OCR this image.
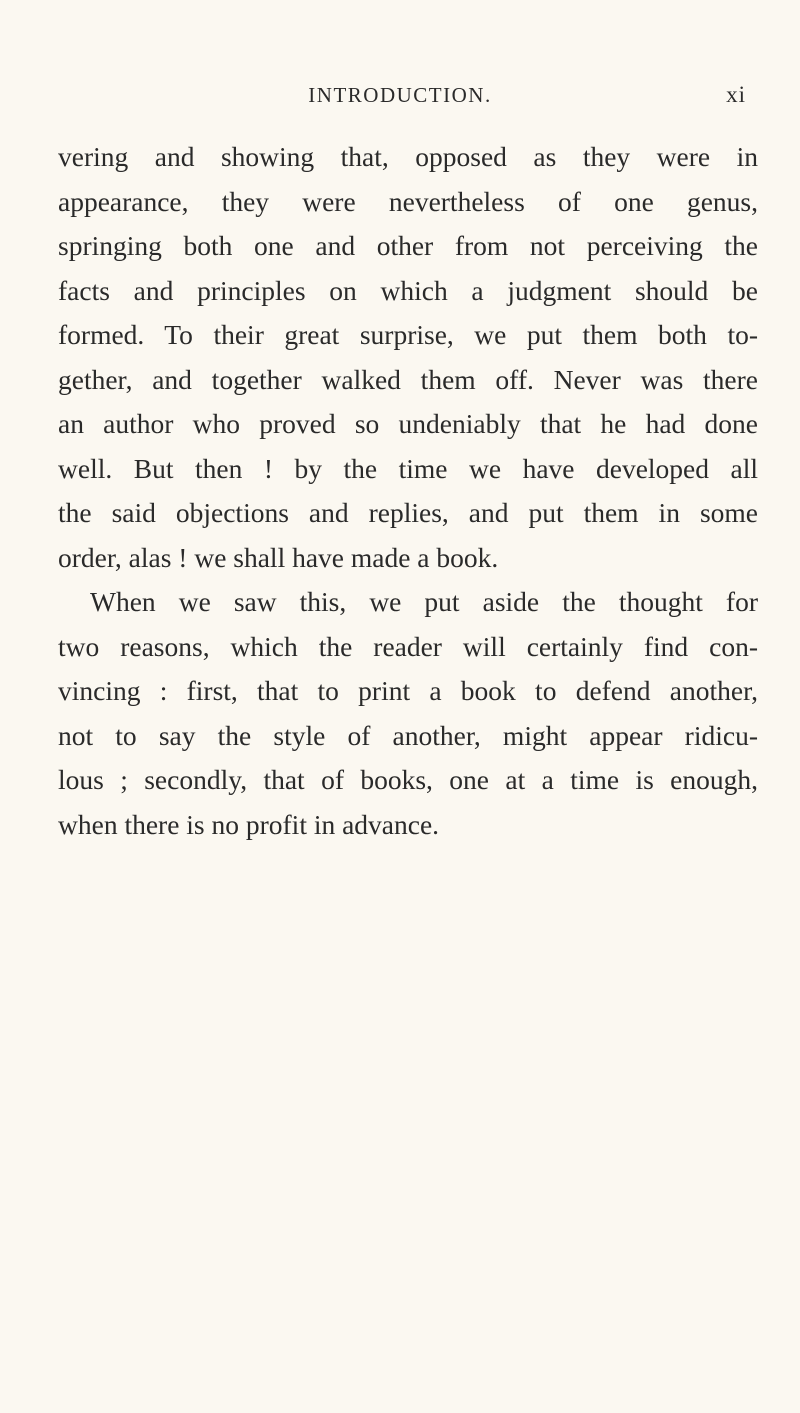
INTRODUCTION.	xi
vering and showing that, opposed as they were in
appearance, they were nevertheless of one genus,
springing both one and other from not perceiving the
facts and principles on which a judgment should be
formed. To their great surprise, we put them both to-
gether, and together walked them off. Never was there
an author who proved so undeniably that he had done
well. But then ! by the time we have developed all
the said objections and replies, and put them in some
order, alas ! we shall have made a book.
When we saw this, we put aside the thought for
two reasons, which the reader will certainly find con-
vincing : first, that to print a book to defend another,
not to say the style of another, might appear ridicu-
lous ; secondly, that of books, one at a time is enough,
when there is no profit in advance.
